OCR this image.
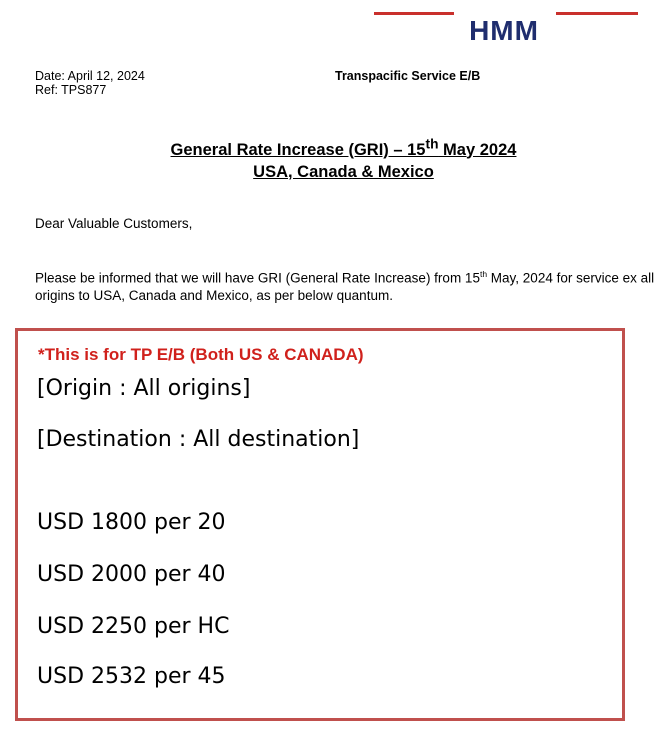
HMM
Date: April 12, 2024
Ref: TPS877
Transpacific Service E/B
General Rate Increase (GRI) – 15th May 2024
USA, Canada & Mexico
Dear Valuable Customers,
Please be informed that we will have GRI (General Rate Increase) from 15th May, 2024 for service ex all origins to USA, Canada and Mexico, as per below quantum.
*This is for TP E/B (Both US & CANADA)
[Origin : All origins]
[Destination : All destination]
USD 1800 per 20
USD 2000 per 40
USD 2250 per HC
USD 2532 per 45
